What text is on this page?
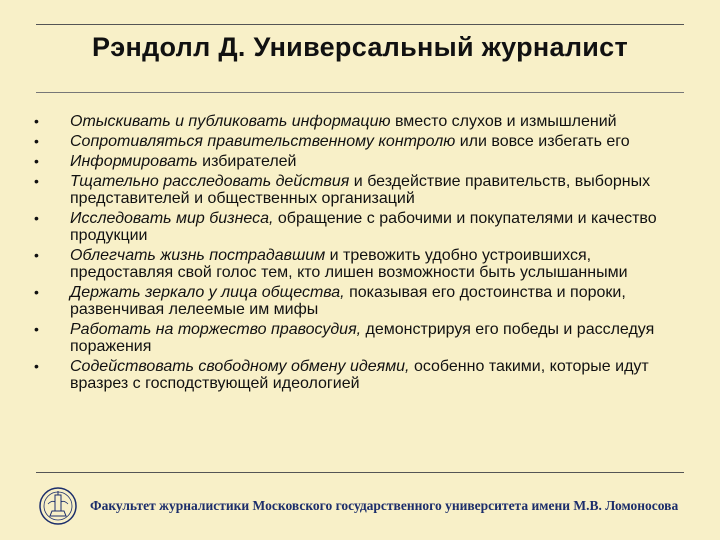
Рэндолл Д. Универсальный журналист
• Отыскивать и публиковать информацию вместо слухов и измышлений
• Сопротивляться правительственному контролю или вовсе избегать его
• Информировать избирателей
• Тщательно расследовать действия и бездействие правительств, выборных представителей и общественных организаций
• Исследовать мир бизнеса, обращение с рабочими и покупателями и качество продукции
• Облегчать жизнь пострадавшим и тревожить удобно устроившихся, предоставляя свой голос тем, кто лишен возможности быть услышанными
• Держать зеркало у лица общества, показывая его достоинства и пороки, развенчивая лелеемые им мифы
• Работать на торжество правосудия, демонстрируя его победы и расследуя поражения
• Содействовать свободному обмену идеями, особенно такими, которые идут вразрез с господствующей идеологией
Факультет журналистики Московского государственного университета имени М.В. Ломоносова
